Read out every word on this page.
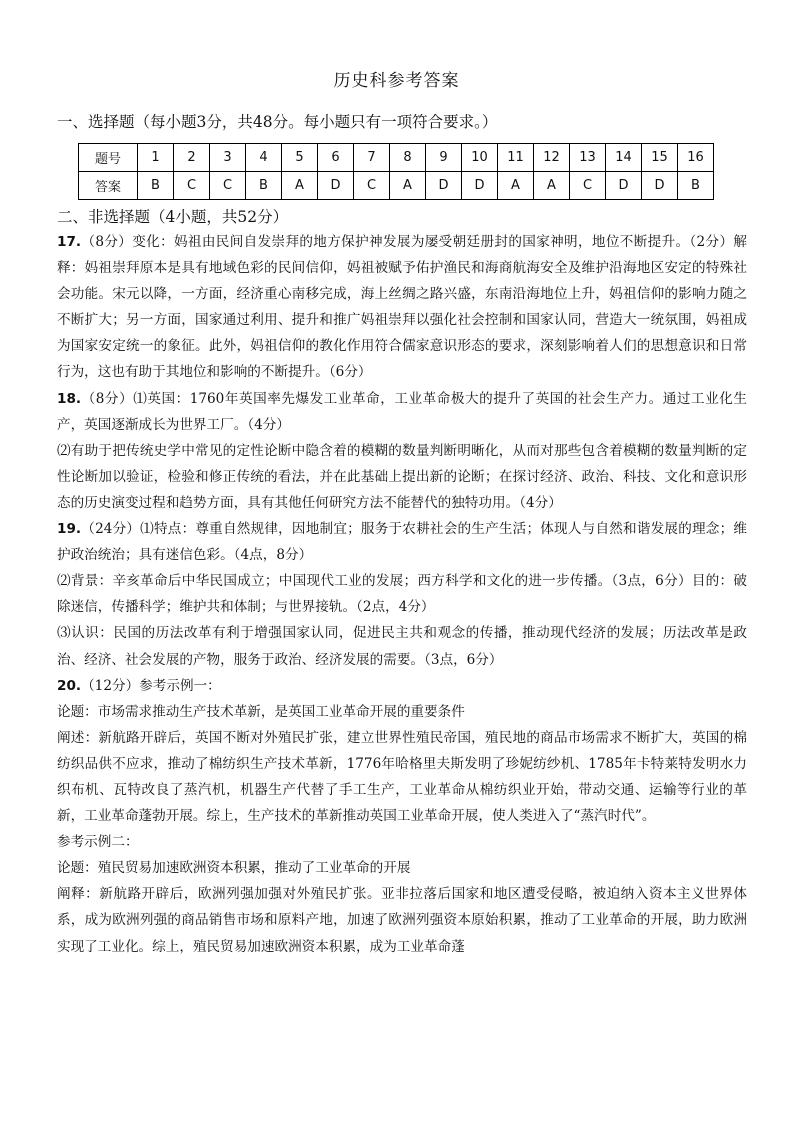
历史科参考答案
一、选择题（每小题3分，共48分。每小题只有一项符合要求。）
题号	1	2	3	4	5	6	7	8	9	10	11	12	13	14	15	16
答案	B	C	C	B	A	D	C	A	D	D	A	A	C	D	D	B
二、非选择题（4小题，共52分）

17.（8分）变化：妈祖由民间自发崇拜的地方保护神发展为屡受朝廷册封的国家神明，地位不断提升。（2分）解释：妈祖崇拜原本是具有地域色彩的民间信仰，妈祖被赋予佑护渔民和海商航海安全及维护沿海地区安定的特殊社会功能。宋元以降，一方面，经济重心南移完成，海上丝绸之路兴盛，东南沿海地位上升，妈祖信仰的影响力随之不断扩大；另一方面，国家通过利用、提升和推广妈祖崇拜以强化社会控制和国家认同，营造大一统氛围，妈祖成为国家安定统一的象征。此外，妈祖信仰的教化作用符合儒家意识形态的要求，深刻影响着人们的思想意识和日常行为，这也有助于其地位和影响的不断提升。（6分）

18.（8分）⑴英国：1760年英国率先爆发工业革命，工业革命极大的提升了英国的社会生产力。通过工业化生产，英国逐渐成长为世界工厂。（4分）

⑵有助于把传统史学中常见的定性论断中隐含着的模糊的数量判断明晰化，从而对那些包含着模糊的数量判断的定性论断加以验证，检验和修正传统的看法，并在此基础上提出新的论断；在探讨经济、政治、科技、文化和意识形态的历史演变过程和趋势方面，具有其他任何研究方法不能替代的独特功用。（4分）

19.（24分）⑴特点：尊重自然规律，因地制宜；服务于农耕社会的生产生活；体现人与自然和谐发展的理念；维护政治统治；具有迷信色彩。（4点，8分）

⑵背景：辛亥革命后中华民国成立；中国现代工业的发展；西方科学和文化的进一步传播。（3点，6分）目的：破除迷信，传播科学；维护共和体制；与世界接轨。（2点，4分）

⑶认识：民国的历法改革有利于增强国家认同，促进民主共和观念的传播，推动现代经济的发展；历法改革是政治、经济、社会发展的产物，服务于政治、经济发展的需要。（3点，6分）

20.（12分）参考示例一：

论题：市场需求推动生产技术革新，是英国工业革命开展的重要条件

阐述：新航路开辟后，英国不断对外殖民扩张，建立世界性殖民帝国，殖民地的商品市场需求不断扩大，英国的棉纺织品供不应求，推动了棉纺织生产技术革新，1776年哈格里夫斯发明了珍妮纺纱机、1785年卡特莱特发明水力织布机、瓦特改良了蒸汽机，机器生产代替了手工生产，工业革命从棉纺织业开始，带动交通、运输等行业的革新，工业革命蓬勃开展。综上，生产技术的革新推动英国工业革命开展，使人类进入了“蒸汽时代”。

参考示例二：

论题：殖民贸易加速欧洲资本积累，推动了工业革命的开展

阐释：新航路开辟后，欧洲列强加强对外殖民扩张。亚非拉落后国家和地区遭受侵略，被迫纳入资本主义世界体系，成为欧洲列强的商品销售市场和原料产地，加速了欧洲列强资本原始积累，推动了工业革命的开展，助力欧洲实现了工业化。综上，殖民贸易加速欧洲资本积累，成为工业革命蓬
